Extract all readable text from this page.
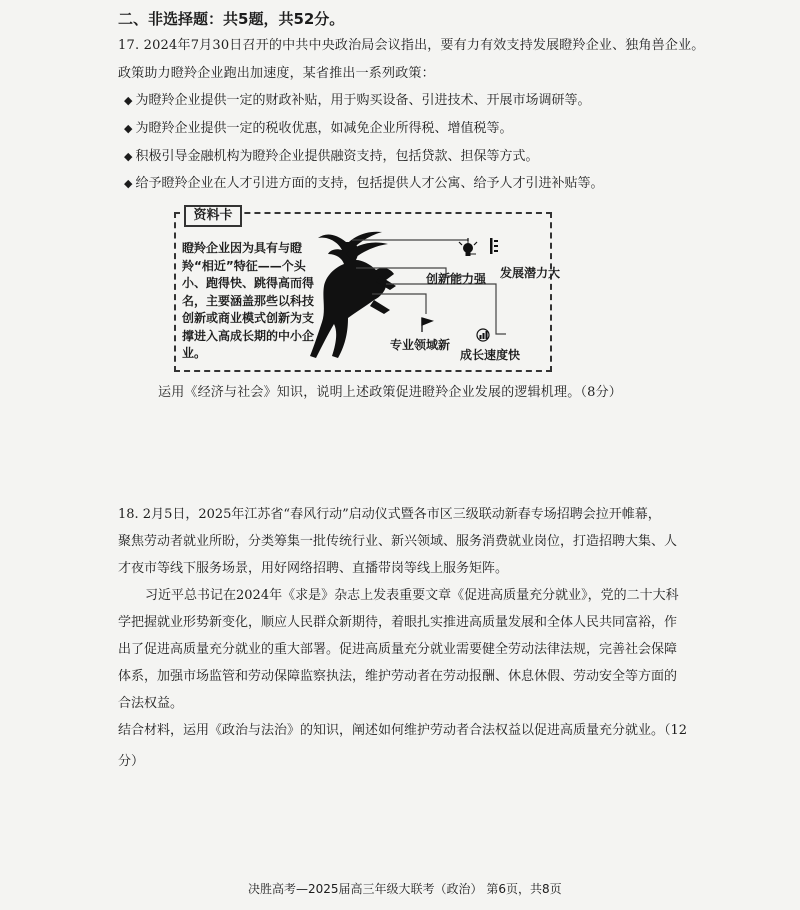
二、非选择题：共5题，共52分。
17. 2024年7月30日召开的中共中央政治局会议指出，要有力有效支持发展瞪羚企业、独角兽企业。
政策助力瞪羚企业跑出加速度，某省推出一系列政策：
◆ 为瞪羚企业提供一定的财政补贴，用于购买设备、引进技术、开展市场调研等。
◆ 为瞪羚企业提供一定的税收优惠，如减免企业所得税、增值税等。
◆ 积极引导金融机构为瞪羚企业提供融资支持，包括贷款、担保等方式。
◆ 给予瞪羚企业在人才引进方面的支持，包括提供人才公寓、给予人才引进补贴等。
资料卡
瞪羚企业因为具有与瞪羚“相近”特征——个头小、跑得快、跳得高而得名，主要涵盖那些以科技创新或商业模式创新为支撑进入高成长期的中小企业。
创新能力强 发展潜力大
专业领域新
成长速度快
运用《经济与社会》知识，说明上述政策促进瞪羚企业发展的逻辑机理。（8分）
18. 2月5日，2025年江苏省“春风行动”启动仪式暨各市区三级联动新春专场招聘会拉开帷幕，
聚焦劳动者就业所盼，分类筹集一批传统行业、新兴领域、服务消费就业岗位，打造招聘大集、人
才夜市等线下服务场景，用好网络招聘、直播带岗等线上服务矩阵。
习近平总书记在2024年《求是》杂志上发表重要文章《促进高质量充分就业》，党的二十大科
学把握就业形势新变化，顺应人民群众新期待，着眼扎实推进高质量发展和全体人民共同富裕，作
出了促进高质量充分就业的重大部署。促进高质量充分就业需要健全劳动法律法规，完善社会保障
体系，加强市场监管和劳动保障监察执法，维护劳动者在劳动报酬、休息休假、劳动安全等方面的
合法权益。
结合材料，运用《政治与法治》的知识，阐述如何维护劳动者合法权益以促进高质量充分就业。（12
分）
决胜高考—2025届高三年级大联考（政治） 第6页，共8页
